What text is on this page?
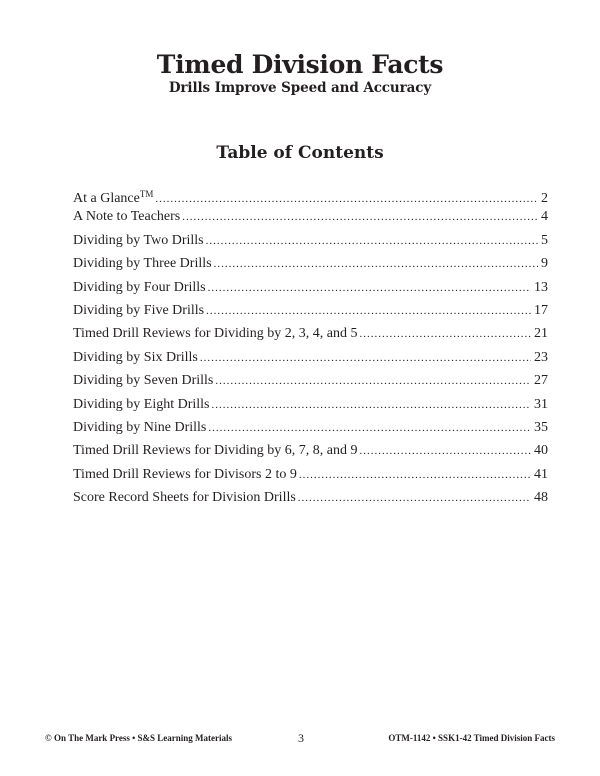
Timed Division Facts
Drills Improve Speed and Accuracy
Table of Contents
At a Glance™ .....	2
A Note to Teachers .....	4
Dividing by Two Drills .....	5
Dividing by Three Drills .....	9
Dividing by Four Drills .....	13
Dividing by Five Drills .....	17
Timed Drill Reviews for Dividing by 2, 3, 4, and 5 .....	21
Dividing by Six Drills .....	23
Dividing by Seven Drills .....	27
Dividing by Eight Drills .....	31
Dividing by Nine Drills .....	35
Timed Drill Reviews for Dividing by 6, 7, 8, and 9 .....	40
Timed Drill Reviews for Divisors 2 to 9 .....	41
Score Record Sheets for Division Drills .....	48
© On The Mark Press • S&S Learning Materials	3	OTM-1142 • SSK1-42 Timed Division Facts
